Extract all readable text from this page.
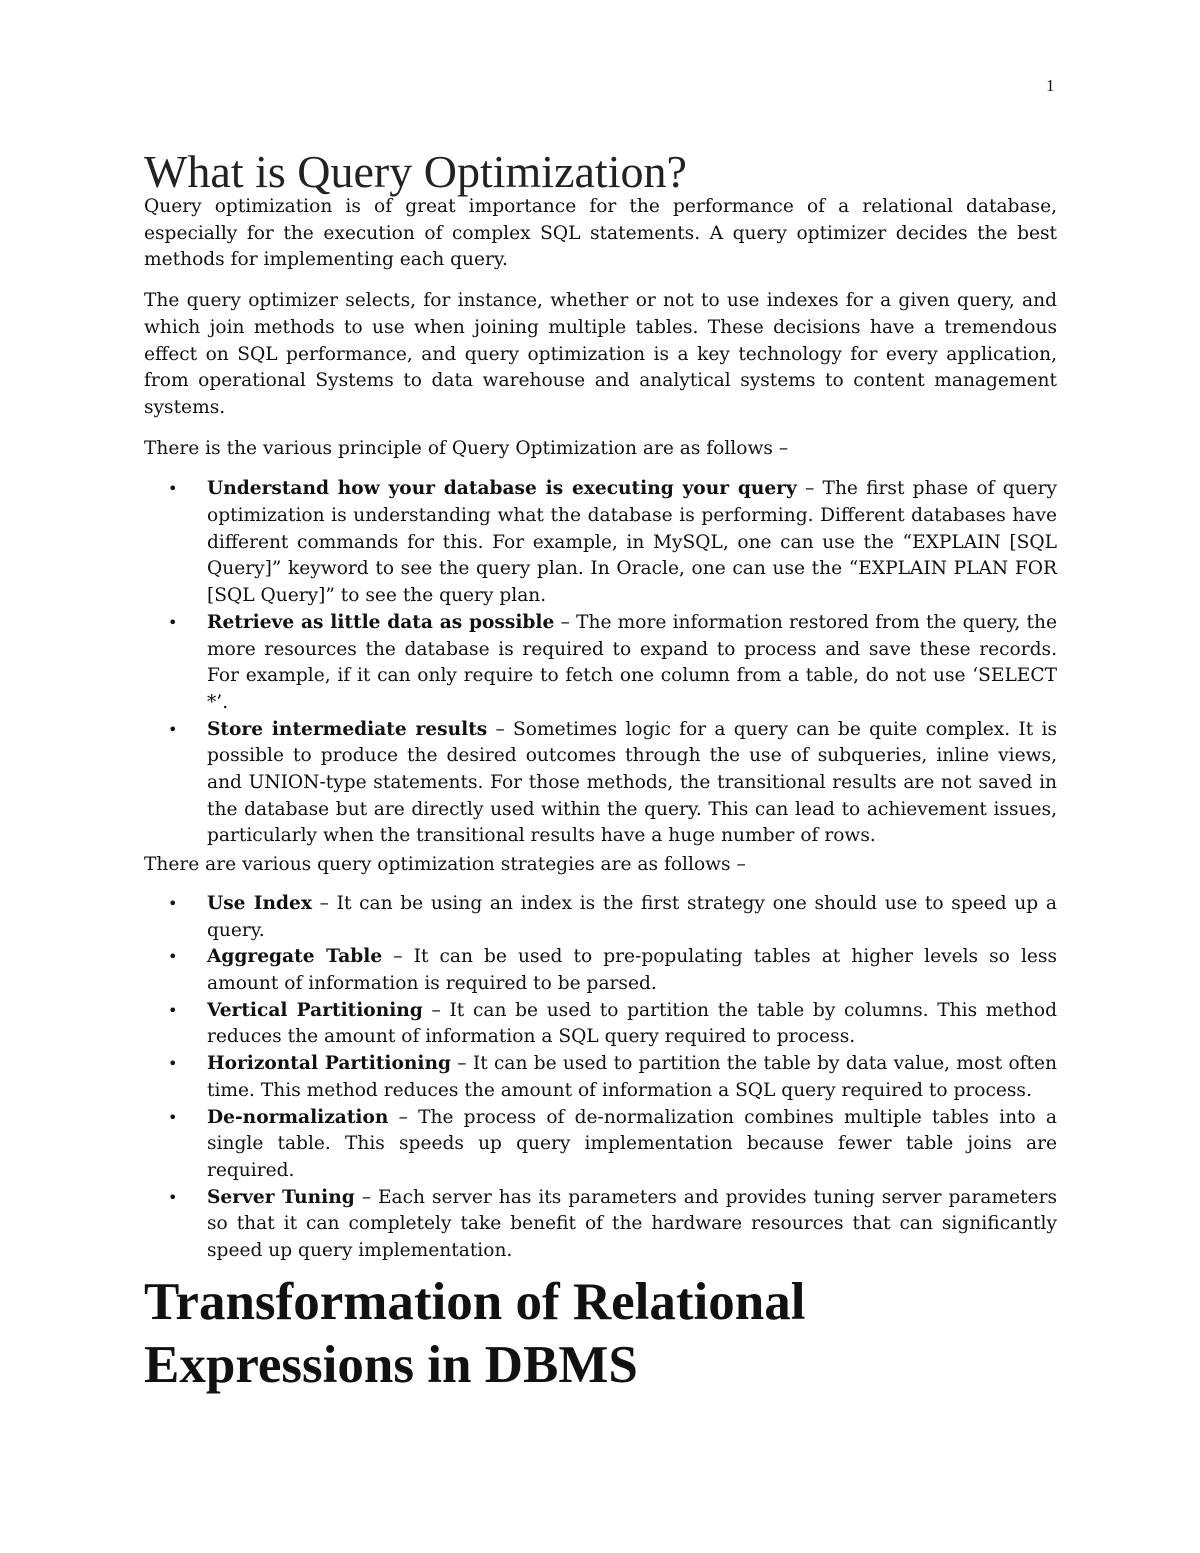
1
What is Query Optimization?

Query optimization is of great importance for the performance of a relational database, especially for the execution of complex SQL statements. A query optimizer decides the best methods for implementing each query.

The query optimizer selects, for instance, whether or not to use indexes for a given query, and which join methods to use when joining multiple tables. These decisions have a tremendous effect on SQL performance, and query optimization is a key technology for every application, from operational Systems to data warehouse and analytical systems to content management systems.

There is the various principle of Query Optimization are as follows –

• Understand how your database is executing your query – The first phase of query optimization is understanding what the database is performing. Different databases have different commands for this. For example, in MySQL, one can use the “EXPLAIN [SQL Query]” keyword to see the query plan. In Oracle, one can use the “EXPLAIN PLAN FOR [SQL Query]” to see the query plan.
• Retrieve as little data as possible – The more information restored from the query, the more resources the database is required to expand to process and save these records. For example, if it can only require to fetch one column from a table, do not use ‘SELECT *’.
• Store intermediate results – Sometimes logic for a query can be quite complex. It is possible to produce the desired outcomes through the use of subqueries, inline views, and UNION-type statements. For those methods, the transitional results are not saved in the database but are directly used within the query. This can lead to achievement issues, particularly when the transitional results have a huge number of rows.

There are various query optimization strategies are as follows –

• Use Index – It can be using an index is the first strategy one should use to speed up a query.
• Aggregate Table – It can be used to pre-populating tables at higher levels so less amount of information is required to be parsed.
• Vertical Partitioning – It can be used to partition the table by columns. This method reduces the amount of information a SQL query required to process.
• Horizontal Partitioning – It can be used to partition the table by data value, most often time. This method reduces the amount of information a SQL query required to process.
• De-normalization – The process of de-normalization combines multiple tables into a single table. This speeds up query implementation because fewer table joins are required.
• Server Tuning – Each server has its parameters and provides tuning server parameters so that it can completely take benefit of the hardware resources that can significantly speed up query implementation.
Transformation of Relational Expressions in DBMS
